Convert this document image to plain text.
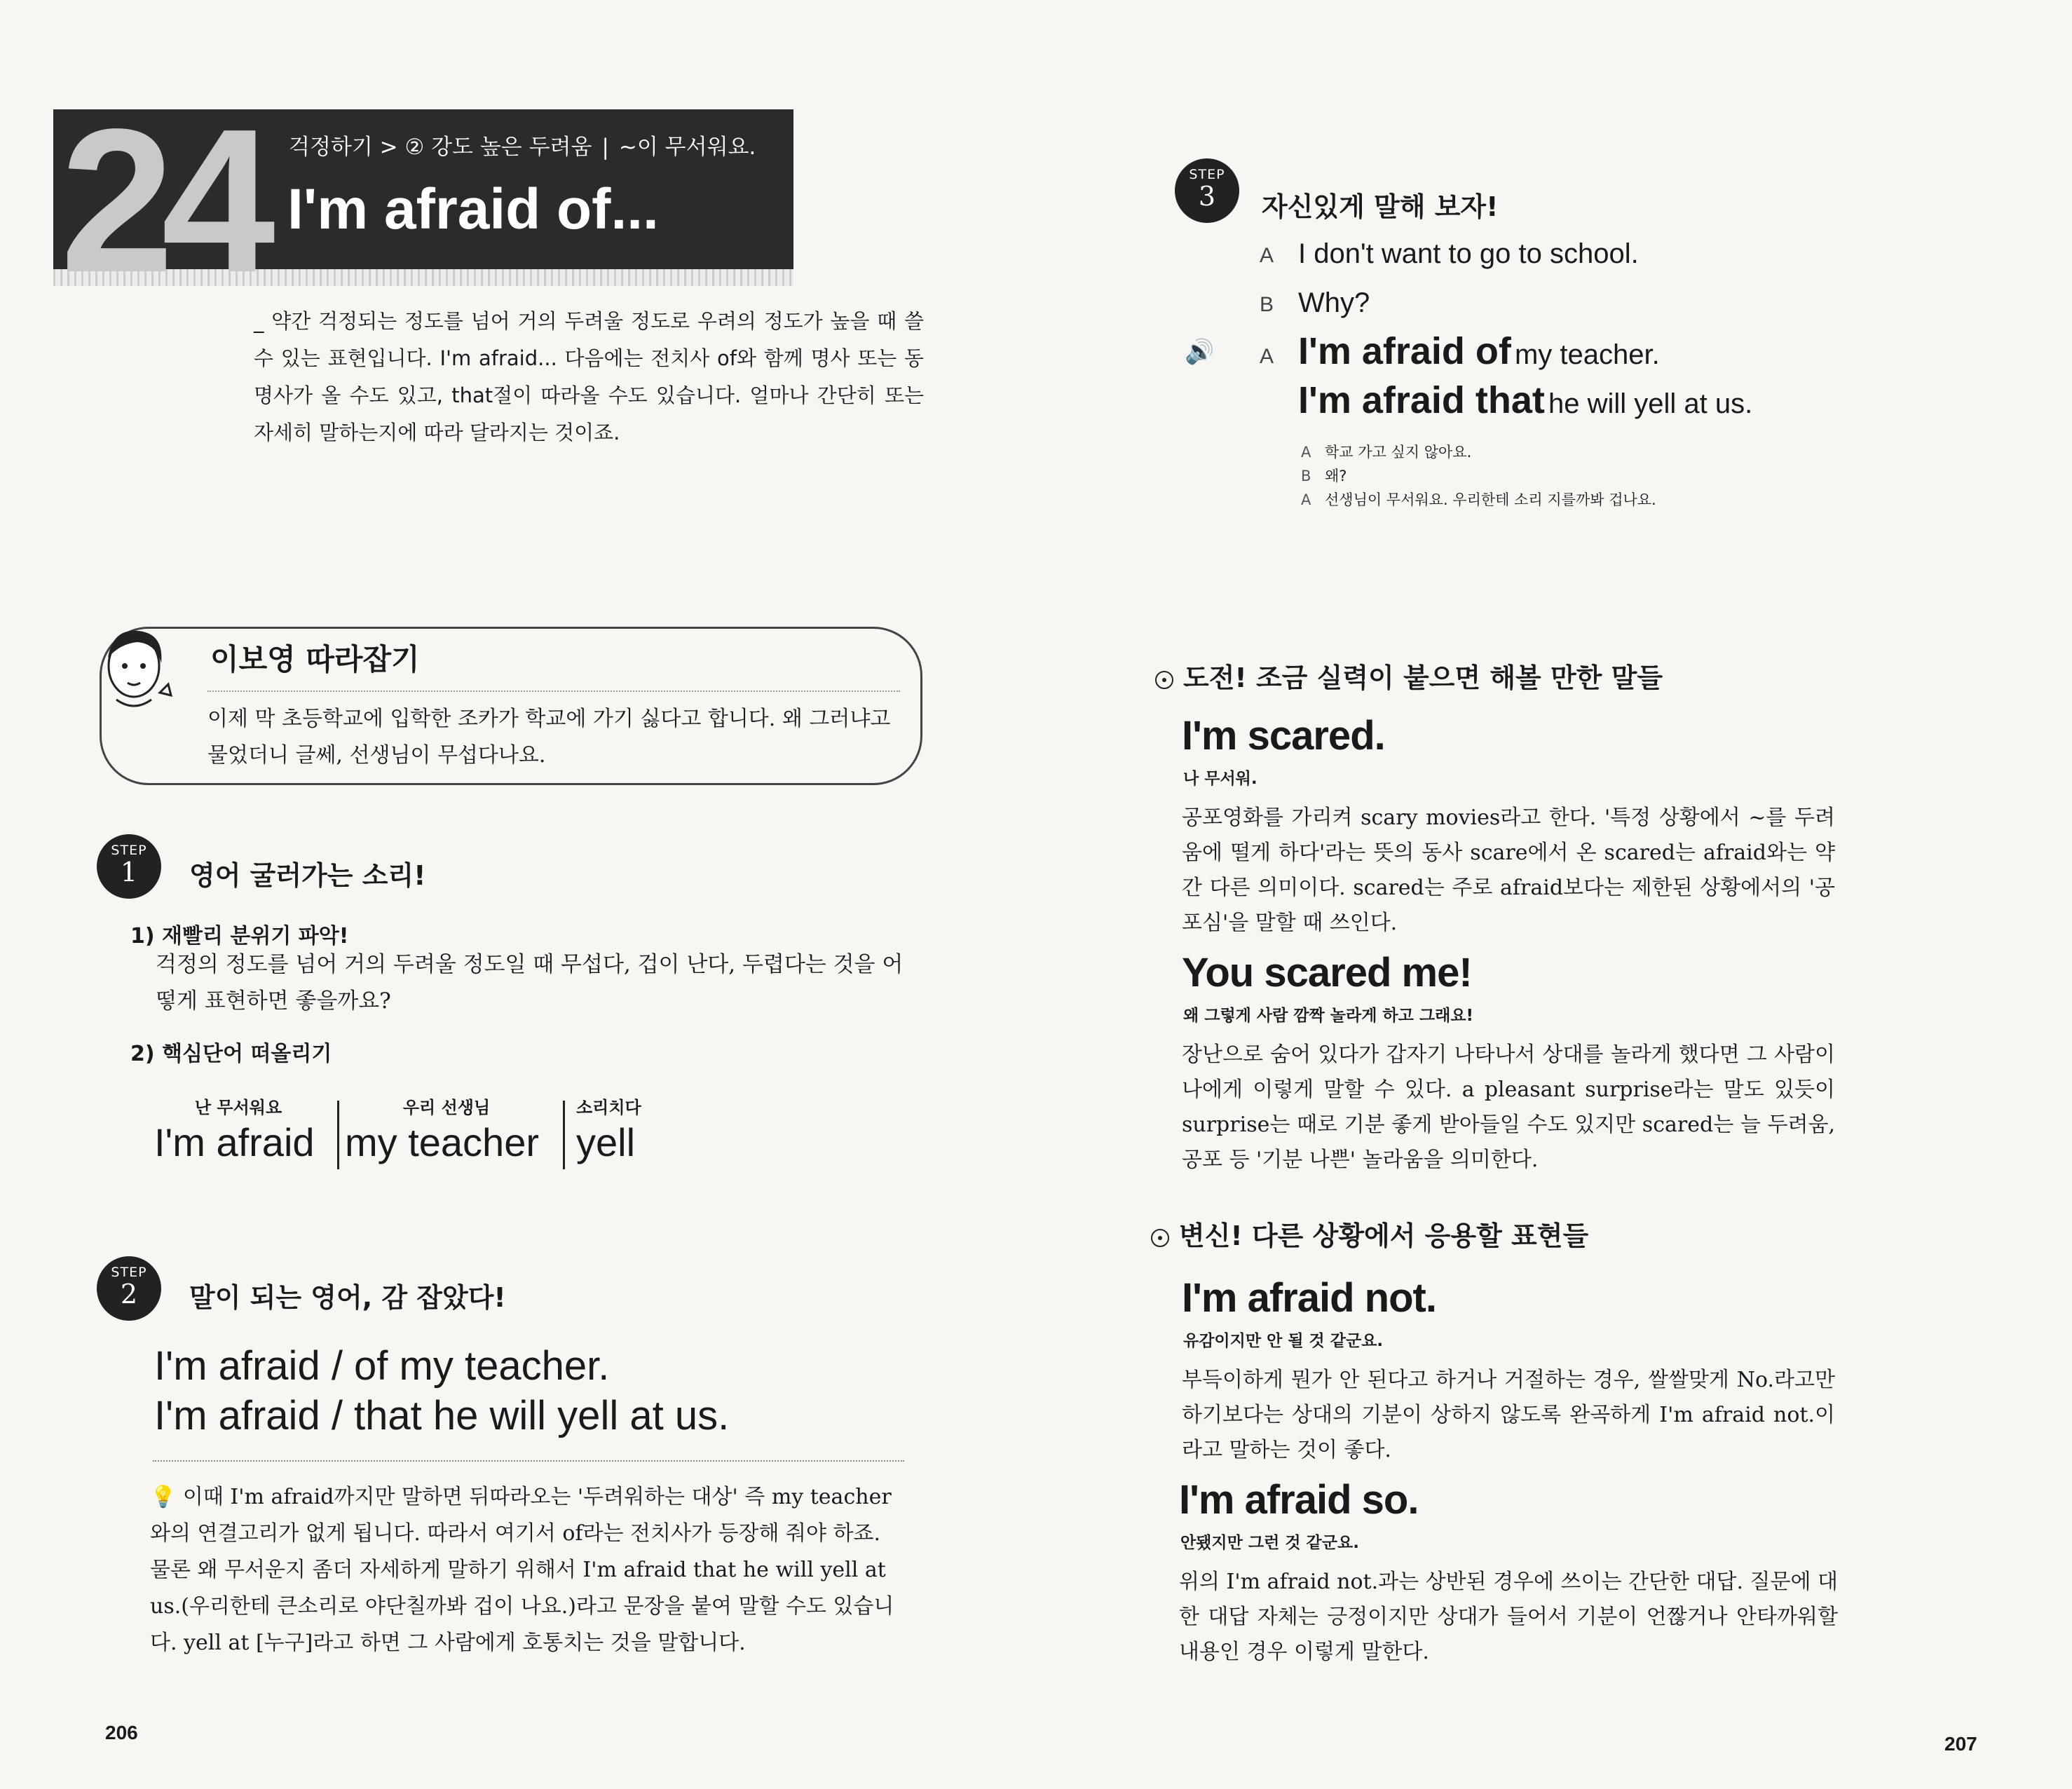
24 걱정하기 > ② 강도 높은 두려움 | ~이 무서워요.
I'm afraid of...
_ 약간 걱정되는 정도를 넘어 거의 두려울 정도로 우려의 정도가 높을 때 쓸 수 있는 표현입니다. I'm afraid... 다음에는 전치사 of와 함께 명사 또는 동명사가 올 수도 있고, that절이 따라올 수도 있습니다. 얼마나 간단히 또는 자세히 말하는지에 따라 달라지는 것이죠.
이보영 따라잡기
이제 막 초등학교에 입학한 조카가 학교에 가기 싫다고 합니다. 왜 그러냐고 물었더니 글쎄, 선생님이 무섭다나요.
STEP
1	영어 굴러가는 소리!
1) 재빨리 분위기 파악!
걱정의 정도를 넘어 거의 두려울 정도일 때 무섭다, 겁이 난다, 두렵다는 것을 어떻게 표현하면 좋을까요?
2) 핵심단어 떠올리기
난 무서워요
I'm afraid
우리 선생님
my teacher
소리치다
yell
STEP
2	말이 되는 영어, 감 잡았다!
I'm afraid / of my teacher.
I'm afraid / that he will yell at us.
💡 이때 I'm afraid까지만 말하면 뒤따라오는 '두려워하는 대상' 즉 my teacher와의 연결고리가 없게 됩니다. 따라서 여기서 of라는 전치사가 등장해 줘야 하죠. 물론 왜 무서운지 좀더 자세하게 말하기 위해서 I'm afraid that he will yell at us.(우리한테 큰소리로 야단칠까봐 겁이 나요.)라고 문장을 붙여 말할 수도 있습니다. yell at [누구]라고 하면 그 사람에게 호통치는 것을 말합니다.
206
STEP
3	자신있게 말해 보자!
A I don't want to go to school.
B Why?
🔊 A I'm afraid of my teacher.
I'm afraid that he will yell at us.
A 학교 가고 싶지 않아요.
B 왜?
A 선생님이 무서워요. 우리한테 소리 지를까봐 겁나요.
도전! 조금 실력이 붙으면 해볼 만한 말들
I'm scared.
나 무서워.
공포영화를 가리켜 scary movies라고 한다. '특정 상황에서 ~를 두려움에 떨게 하다'라는 뜻의 동사 scare에서 온 scared는 afraid와는 약간 다른 의미이다. scared는 주로 afraid보다는 제한된 상황에서의 '공포심'을 말할 때 쓰인다.
You scared me!
왜 그렇게 사람 깜짝 놀라게 하고 그래요!
장난으로 숨어 있다가 갑자기 나타나서 상대를 놀라게 했다면 그 사람이 나에게 이렇게 말할 수 있다. a pleasant surprise라는 말도 있듯이 surprise는 때로 기분 좋게 받아들일 수도 있지만 scared는 늘 두려움, 공포 등 '기분 나쁜' 놀라움을 의미한다.
변신! 다른 상황에서 응용할 표현들
I'm afraid not.
유감이지만 안 될 것 같군요.
부득이하게 뭔가 안 된다고 하거나 거절하는 경우, 쌀쌀맞게 No.라고만 하기보다는 상대의 기분이 상하지 않도록 완곡하게 I'm afraid not.이라고 말하는 것이 좋다.
I'm afraid so.
안됐지만 그런 것 같군요.
위의 I'm afraid not.과는 상반된 경우에 쓰이는 간단한 대답. 질문에 대한 대답 자체는 긍정이지만 상대가 들어서 기분이 언짢거나 안타까워할 내용인 경우 이렇게 말한다.
207
